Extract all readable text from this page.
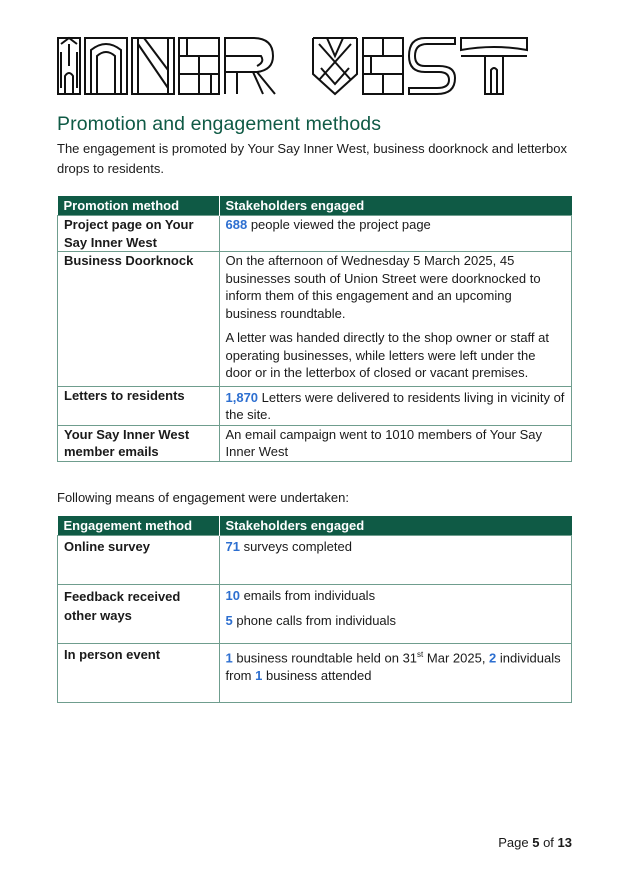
Promotion and engagement methods

The engagement is promoted by Your Say Inner West, business doorknock and letterbox drops to residents.

Promotion method	Stakeholders engaged
Project page on Your Say Inner West	688 people viewed the project page
Business Doorknock	On the afternoon of Wednesday 5 March 2025, 45 businesses south of Union Street were doorknocked to inform them of this engagement and an upcoming business roundtable.

A letter was handed directly to the shop owner or staff at operating businesses, while letters were left under the door or in the letterbox of closed or vacant premises.

Letters to residents	1,870 Letters were delivered to residents living in vicinity of the site.
Your Say Inner West member emails	An email campaign went to 1010 members of Your Say Inner West

Following means of engagement were undertaken:

Engagement method	Stakeholders engaged
Online survey	71 surveys completed
Feedback received other ways	10 emails from individuals

5 phone calls from individuals

In person event	1 business roundtable held on 31st Mar 2025, 2 individuals from 1 business attended
Page 5 of 13
